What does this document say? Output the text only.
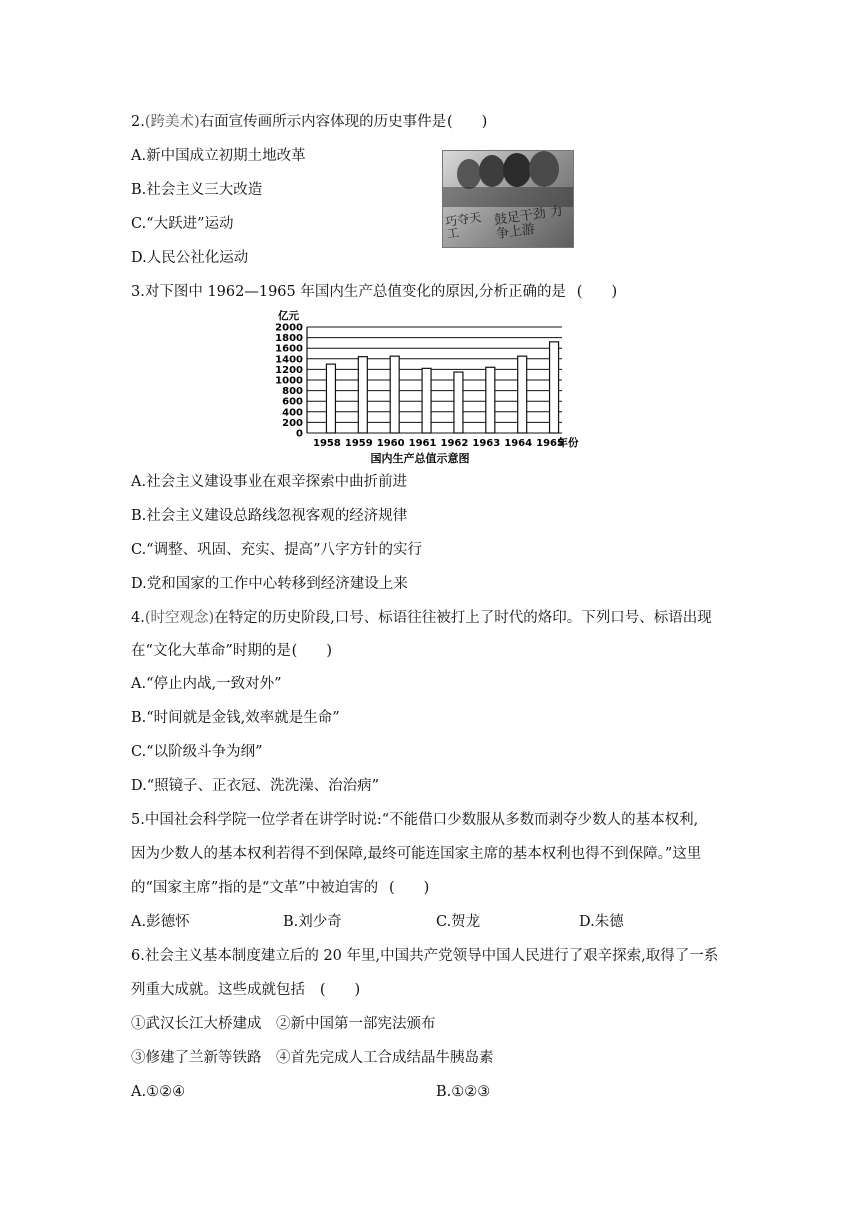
2.(跨美术)右面宣传画所示内容体现的历史事件是(　　)
A.新中国成立初期土地改革
B.社会主义三大改造
C.“大跃进”运动
D.人民公社化运动
巧夺天工
鼓足干劲 力争上游
3.对下图中 1962—1965 年国内生产总值变化的原因,分析正确的是 (　　)
亿元
0
200
400
600
800
1000
1200
1400
1600
1800
2000
1958 1959 1960 1961 1962 1963 1964 1965
年份
国内生产总值示意图
A.社会主义建设事业在艰辛探索中曲折前进
B.社会主义建设总路线忽视客观的经济规律
C.“调整、巩固、充实、提高”八字方针的实行
D.党和国家的工作中心转移到经济建设上来
4.(时空观念)在特定的历史阶段,口号、标语往往被打上了时代的烙印。下列口号、标语出现
在“文化大革命”时期的是(　　)
A.“停止内战,一致对外”
B.“时间就是金钱,效率就是生命”
C.“以阶级斗争为纲”
D.“照镜子、正衣冠、洗洗澡、治治病”
5.中国社会科学院一位学者在讲学时说:“不能借口少数服从多数而剥夺少数人的基本权利,
因为少数人的基本权利若得不到保障,最终可能连国家主席的基本权利也得不到保障。”这里
的“国家主席”指的是“文革”中被迫害的 (　　)
A.彭德怀	B.刘少奇	C.贺龙	D.朱德
6.社会主义基本制度建立后的 20 年里,中国共产党领导中国人民进行了艰辛探索,取得了一系
列重大成就。这些成就包括 (　　)
①武汉长江大桥建成　②新中国第一部宪法颁布
③修建了兰新等铁路　④首先完成人工合成结晶牛胰岛素
A.①②④	B.①②③
